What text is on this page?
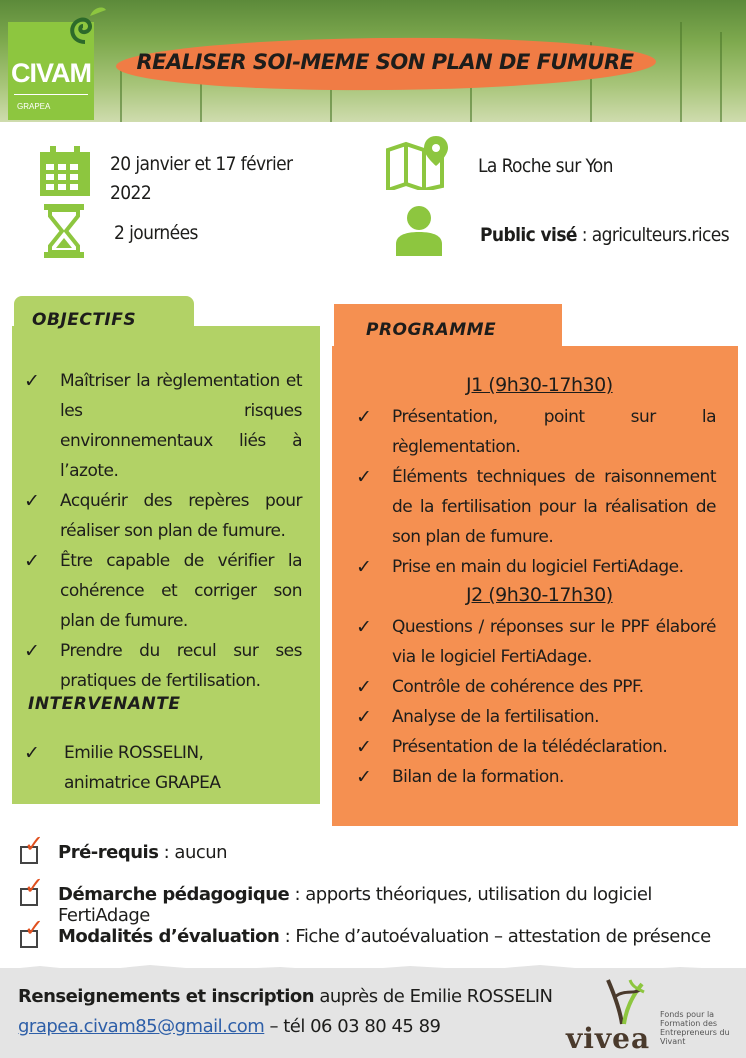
CIVAM
GRAPEA
REALISER SOI-MEME SON PLAN DE FUMURE
20 janvier et 17 février
2022
2 journées
La Roche sur Yon
Public visé : agriculteurs.rices
OBJECTIFS
✓ Maîtriser la règlementation et les risques environnementaux liés à l’azote.
✓ Acquérir des repères pour réaliser son plan de fumure.
✓ Être capable de vérifier la cohérence et corriger son plan de fumure.
✓ Prendre du recul sur ses pratiques de fertilisation.
INTERVENANTE
✓ Emilie ROSSELIN, animatrice GRAPEA
PROGRAMME
J1 (9h30-17h30)
✓ Présentation, point sur la règlementation.
✓ Éléments techniques de raisonnement de la fertilisation pour la réalisation de son plan de fumure.
✓ Prise en main du logiciel FertiAdage.
J2 (9h30-17h30)
✓ Questions / réponses sur le PPF élaboré via le logiciel FertiAdage.
✓ Contrôle de cohérence des PPF.
✓ Analyse de la fertilisation.
✓ Présentation de la télédéclaration.
✓ Bilan de la formation.
✓ Pré-requis : aucun
✓ Démarche pédagogique : apports théoriques, utilisation du logiciel FertiAdage
✓ Modalités d’évaluation : Fiche d’autoévaluation – attestation de présence
Renseignements et inscription auprès de Emilie ROSSELIN
grapea.civam85@gmail.com – tél 06 03 80 45 89	vivea
Fonds pour la Formation des Entrepreneurs du Vivant
